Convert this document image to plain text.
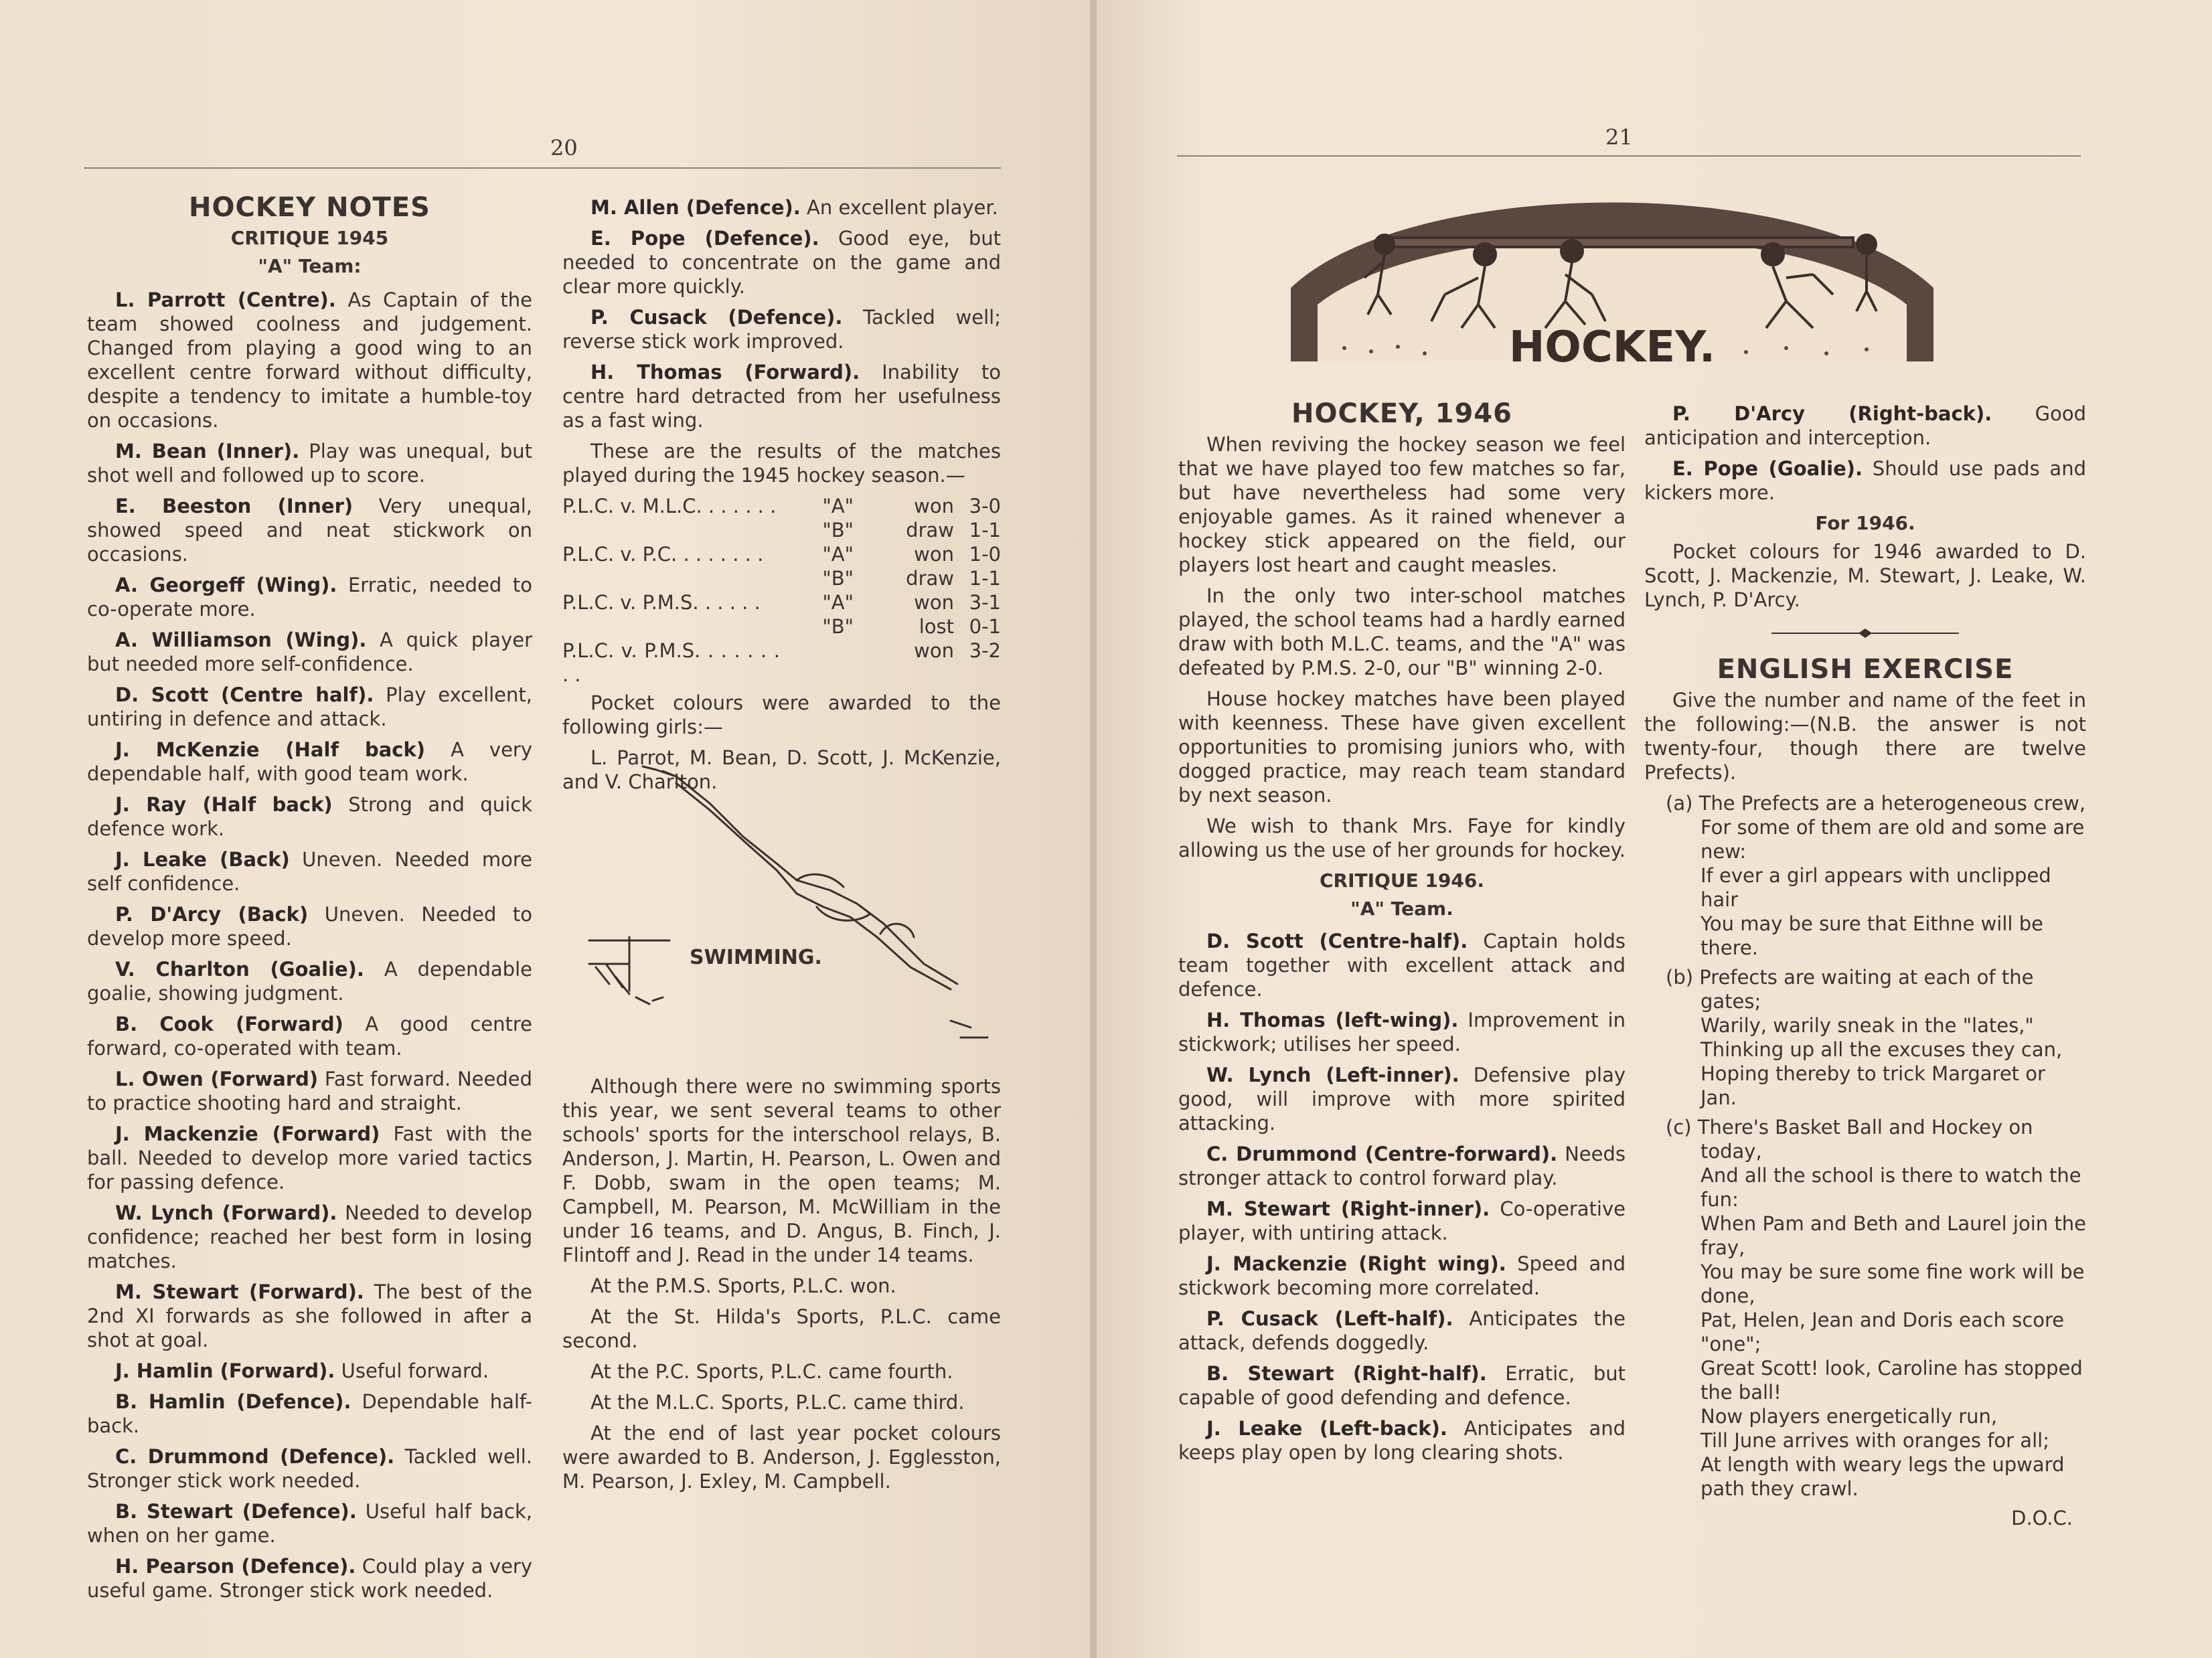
20
HOCKEY NOTES
CRITIQUE 1945
"A" Team:

L. Parrott (Centre). As Captain of the team showed coolness and judgement. Changed from playing a good wing to an excellent centre forward without difficulty, despite a tendency to imitate a humble-toy on occasions.

M. Bean (Inner). Play was unequal, but shot well and followed up to score.

E. Beeston (Inner) Very unequal, showed speed and neat stickwork on occasions.

A. Georgeff (Wing). Erratic, needed to co-operate more.

A. Williamson (Wing). A quick player but needed more self-confidence.

D. Scott (Centre half). Play excellent, untiring in defence and attack.

J. McKenzie (Half back) A very dependable half, with good team work.

J. Ray (Half back) Strong and quick defence work.

J. Leake (Back) Uneven. Needed more self confidence.

P. D'Arcy (Back) Uneven. Needed to develop more speed.

V. Charlton (Goalie). A dependable goalie, showing judgment.

B. Cook (Forward) A good centre forward, co-operated with team.

L. Owen (Forward) Fast forward. Needed to practice shooting hard and straight.

J. Mackenzie (Forward) Fast with the ball. Needed to develop more varied tactics for passing defence.

W. Lynch (Forward). Needed to develop confidence; reached her best form in losing matches.

M. Stewart (Forward). The best of the 2nd XI forwards as she followed in after a shot at goal.

J. Hamlin (Forward). Useful forward.

B. Hamlin (Defence). Dependable half-back.

C. Drummond (Defence). Tackled well. Stronger stick work needed.

B. Stewart (Defence). Useful half back, when on her game.

H. Pearson (Defence). Could play a very useful game. Stronger stick work needed.

M. Allen (Defence). An excellent player.

E. Pope (Defence). Good eye, but needed to concentrate on the game and clear more quickly.

P. Cusack (Defence). Tackled well; reverse stick work improved.

H. Thomas (Forward). Inability to centre hard detracted from her usefulness as a fast wing.

These are the results of the matches played during the 1945 hockey season.—

P.L.C. v. M.L.C. . . . . . .	"A"	won	3-0
	"B"	draw	1-1
P.L.C. v. P.C. . . . . . . .	"A"	won	1-0
	"B"	draw	1-1
P.L.C. v. P.M.S. . . . . .	"A"	won	3-1
	"B"	lost	0-1
P.L.C. v. P.M.S. . . . . . . . .		won	3-2

Pocket colours were awarded to the following girls:—

L. Parrot, M. Bean, D. Scott, J. McKenzie, and V. Charlton.

SWIMMING.

Although there were no swimming sports this year, we sent several teams to other schools' sports for the interschool relays, B. Anderson, J. Martin, H. Pearson, L. Owen and F. Dobb, swam in the open teams; M. Campbell, M. Pearson, M. McWilliam in the under 16 teams, and D. Angus, B. Finch, J. Flintoff and J. Read in the under 14 teams.

At the P.M.S. Sports, P.L.C. won.

At the St. Hilda's Sports, P.L.C. came second.

At the P.C. Sports, P.L.C. came fourth.

At the M.L.C. Sports, P.L.C. came third.

At the end of last year pocket colours were awarded to B. Anderson, J. Egglesston, M. Pearson, J. Exley, M. Campbell.

21
HOCKEY.
HOCKEY, 1946

When reviving the hockey season we feel that we have played too few matches so far, but have nevertheless had some very enjoyable games. As it rained whenever a hockey stick appeared on the field, our players lost heart and caught measles.

In the only two inter-school matches played, the school teams had a hardly earned draw with both M.L.C. teams, and the "A" was defeated by P.M.S. 2-0, our "B" winning 2-0.

House hockey matches have been played with keenness. These have given excellent opportunities to promising juniors who, with dogged practice, may reach team standard by next season.

We wish to thank Mrs. Faye for kindly allowing us the use of her grounds for hockey.

CRITIQUE 1946.
"A" Team.

D. Scott (Centre-half). Captain holds team together with excellent attack and defence.

H. Thomas (left-wing). Improvement in stickwork; utilises her speed.

W. Lynch (Left-inner). Defensive play good, will improve with more spirited attacking.

C. Drummond (Centre-forward). Needs stronger attack to control forward play.

M. Stewart (Right-inner). Co-operative player, with untiring attack.

J. Mackenzie (Right wing). Speed and stickwork becoming more correlated.

P. Cusack (Left-half). Anticipates the attack, defends doggedly.

B. Stewart (Right-half). Erratic, but capable of good defending and defence.

J. Leake (Left-back). Anticipates and keeps play open by long clearing shots.

P. D'Arcy (Right-back). Good anticipation and interception.

E. Pope (Goalie). Should use pads and kickers more.

For 1946.

Pocket colours for 1946 awarded to D. Scott, J. Mackenzie, M. Stewart, J. Leake, W. Lynch, P. D'Arcy.

ENGLISH EXERCISE

Give the number and name of the feet in the following:—(N.B. the answer is not twenty-four, though there are twelve Prefects).

(a) The Prefects are a heterogeneous crew,
For some of them are old and some are new:
If ever a girl appears with unclipped hair
You may be sure that Eithne will be there.

(b) Prefects are waiting at each of the gates;
Warily, warily sneak in the "lates,"
Thinking up all the excuses they can,
Hoping thereby to trick Margaret or Jan.

(c) There's Basket Ball and Hockey on today,
And all the school is there to watch the fun:
When Pam and Beth and Laurel join the fray,
You may be sure some fine work will be done,
Pat, Helen, Jean and Doris each score "one";
Great Scott! look, Caroline has stopped the ball!
Now players energetically run,
Till June arrives with oranges for all;
At length with weary legs the upward path they crawl.

D.O.C.
